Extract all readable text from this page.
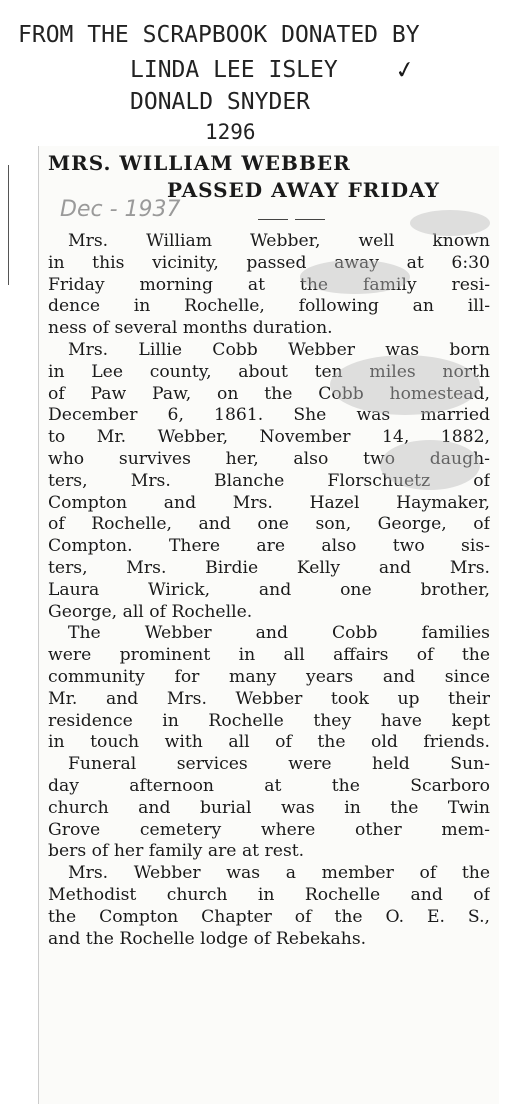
FROM THE SCRAPBOOK DONATED BY
LINDA LEE ISLEY
DONALD SNYDER
1296
✓
MRS. WILLIAM WEBBER
PASSED AWAY FRIDAY
Dec - 1937
Mrs. William Webber, well known
in this vicinity, passed away at 6:30
Friday morning at the family resi-
dence in Rochelle, following an ill-
ness of several months duration.
Mrs. Lillie Cobb Webber was born
in Lee county, about ten miles north
of Paw Paw, on the Cobb homestead,
December 6, 1861. She was married
to Mr. Webber, November 14, 1882,
who survives her, also two daugh-
ters, Mrs. Blanche Florschuetz of
Compton and Mrs. Hazel Haymaker,
of Rochelle, and one son, George, of
Compton. There are also two sis-
ters, Mrs. Birdie Kelly and Mrs.
Laura Wirick, and one brother,
George, all of Rochelle.
The Webber and Cobb families
were prominent in all affairs of the
community for many years and since
Mr. and Mrs. Webber took up their
residence in Rochelle they have kept
in touch with all of the old friends.
Funeral services were held Sun-
day afternoon at the Scarboro
church and burial was in the Twin
Grove cemetery where other mem-
bers of her family are at rest.
Mrs. Webber was a member of the
Methodist church in Rochelle and of
the Compton Chapter of the O. E. S.,
and the Rochelle lodge of Rebekahs.
